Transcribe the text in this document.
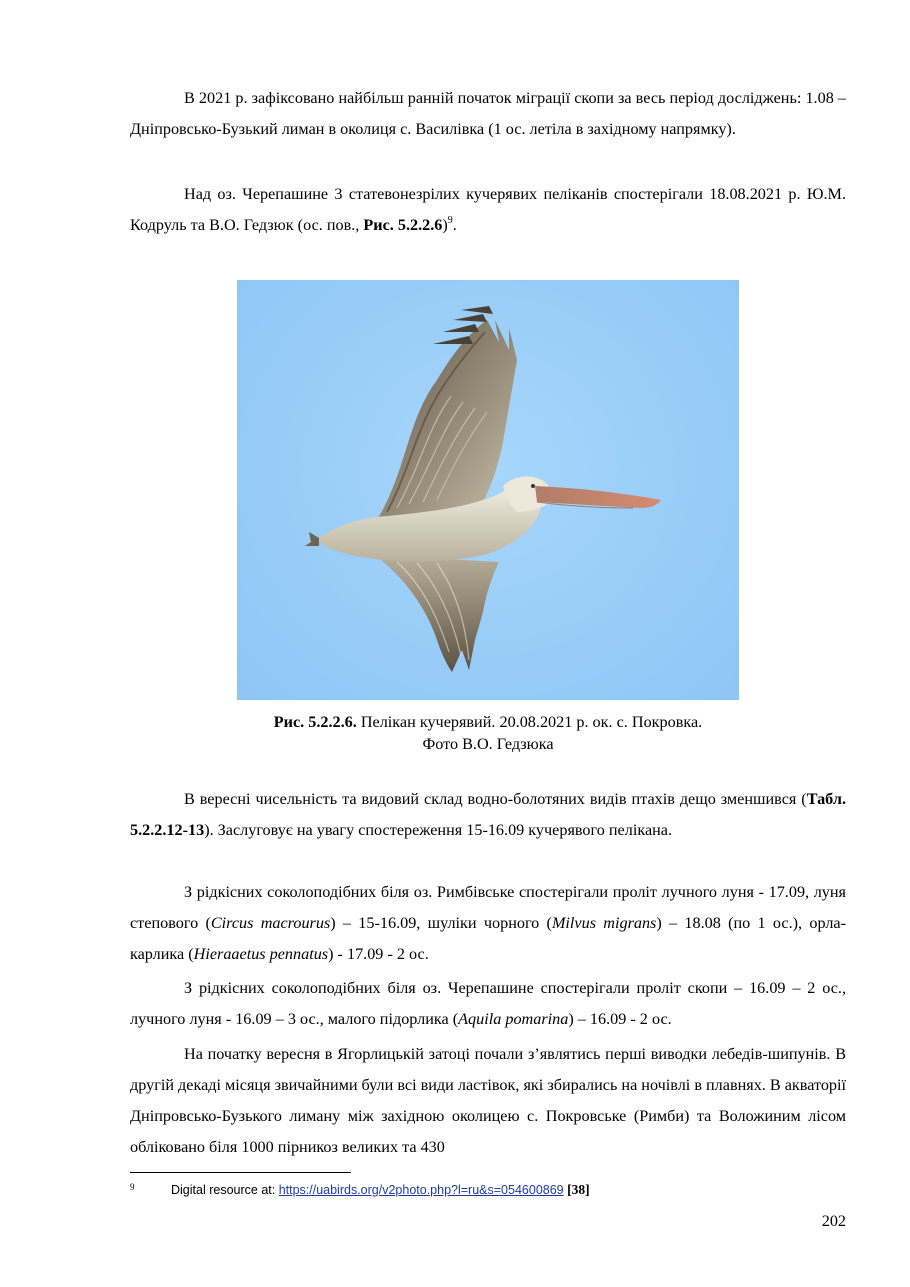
В 2021 р. зафіксовано найбільш ранній початок міграції скопи за весь період досліджень: 1.08 – Дніпровсько-Бузький лиман в околиця с. Василівка (1 ос. летіла в західному напрямку).

Над оз. Черепашине 3 статевонезрілих кучерявих пеліканів спостерігали 18.08.2021 р. Ю.М. Кодруль та В.О. Гедзюк (ос. пов., Рис. 5.2.2.6)$^9$.

Рис. 5.2.2.6. Пелікан кучерявий. 20.08.2021 р. ок. с. Покровка.
Фото В.О. Гедзюка

В вересні чисельність та видовий склад водно-болотяних видів птахів дещо зменшився (Табл. 5.2.2.12-13). Заслуговує на увагу спостереження 15-16.09 кучерявого пелікана.

З рідкісних соколоподібних біля оз. Римбівське спостерігали проліт лучного луня - 17.09, луня степового (Circus macrourus) – 15-16.09, шуліки чорного (Milvus migrans) – 18.08 (по 1 ос.), орла-карлика (Hieraaetus pennatus) - 17.09 - 2 ос.

З рідкісних соколоподібних біля оз. Черепашине спостерігали проліт скопи – 16.09 – 2 ос., лучного луня - 16.09 – 3 ос., малого підорлика (Aquila pomarina) – 16.09 - 2 ос.

На початку вересня в Ягорлицькій затоці почали з’являтись перші виводки лебедів-шипунів. В другій декаді місяця звичайними були всі види ластівок, які збирались на ночівлі в плавнях. В акваторії Дніпровсько-Бузького лиману між західною околицею с. Покровське (Римби) та Воложиним лісом обліковано біля 1000 пірникоз великих та 430

9	Digital resource at: https://uabirds.org/v2photo.php?l=ru&s=054600869 [38]
202
